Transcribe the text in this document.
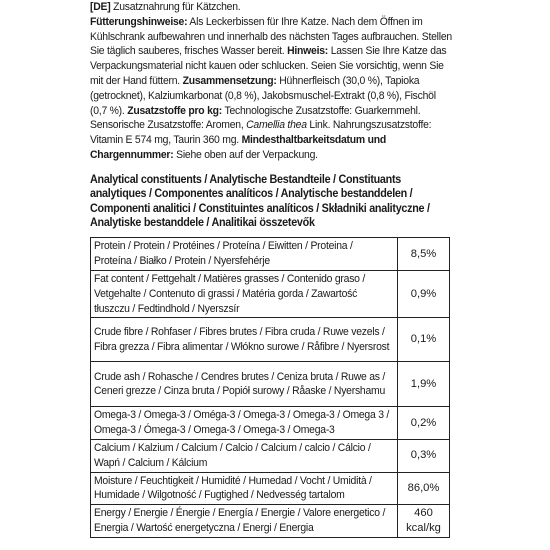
[DE] Zusatznahrung für Kätzchen.
Fütterungshinweise: Als Leckerbissen für Ihre Katze. Nach dem Öffnen im Kühlschrank aufbewahren und innerhalb des nächsten Tages aufbrauchen. Stellen Sie täglich sauberes, frisches Wasser bereit. Hinweis: Lassen Sie Ihre Katze das Verpackungsmaterial nicht kauen oder schlucken. Seien Sie vorsichtig, wenn Sie mit der Hand füttern. Zusammensetzung: Hühnerfleisch (30,0 %), Tapioka (getrocknet), Kalziumkarbonat (0,8 %), Jakobsmuschel-Extrakt (0,8 %), Fischöl (0,7 %). Zusatzstoffe pro kg: Technologische Zusatzstoffe: Guarkernmehl. Sensorische Zusatzstoffe: Aromen, Camellia thea Link. Nahrungszusatzstoffe: Vitamin E 574 mg, Taurin 360 mg. Mindesthaltbarkeitsdatum und Chargennummer: Siehe oben auf der Verpackung.
Analytical constituents / Analytische Bestandteile / Constituants analytiques / Componentes analíticos / Analytische bestanddelen / Componenti analitici / Constituintes analíticos / Składniki analityczne / Analytiske bestanddele / Analitikai összetevők
Protein / Protein / Protéines / Proteína / Eiwitten / Proteina / Proteína / Białko / Protein / Nyersfehérje	8,5%

Fat content / Fettgehalt / Matières grasses / Contenido graso / Vetgehalte / Contenuto di grassi / Matéria gorda / Zawartość tłuszczu / Fedtindhold / Nyerszsír	0,9%

Crude fibre / Rohfaser / Fibres brutes / Fibra cruda / Ruwe vezels / Fibra grezza / Fibra alimentar / Włókno surowe / Råfibre / Nyersrost	0,1%

Crude ash / Rohasche / Cendres brutes / Ceniza bruta / Ruwe as / Ceneri grezze / Cinza bruta / Popiół surowy / Råaske / Nyershamu	1,9%

Omega-3 / Omega-3 / Oméga-3 / Omega-3 / Omega-3 / Omega 3 / Omega-3 / Ómega-3 / Omega-3 / Omega-3 / Omega-3	0,2%

Calcium / Kalzium / Calcium / Calcio / Calcium / calcio / Cálcio / Wapń / Calcium / Kálcium	0,3%

Moisture / Feuchtigkeit / Humidité / Humedad / Vocht / Umidità / Humidade / Wilgotność / Fugtighed / Nedvesség tartalom	86,0%

Energy / Energie / Énergie / Energía / Energie / Valore energetico / Energia / Wartość energetyczna / Energi / Energia	460 kcal/kg
